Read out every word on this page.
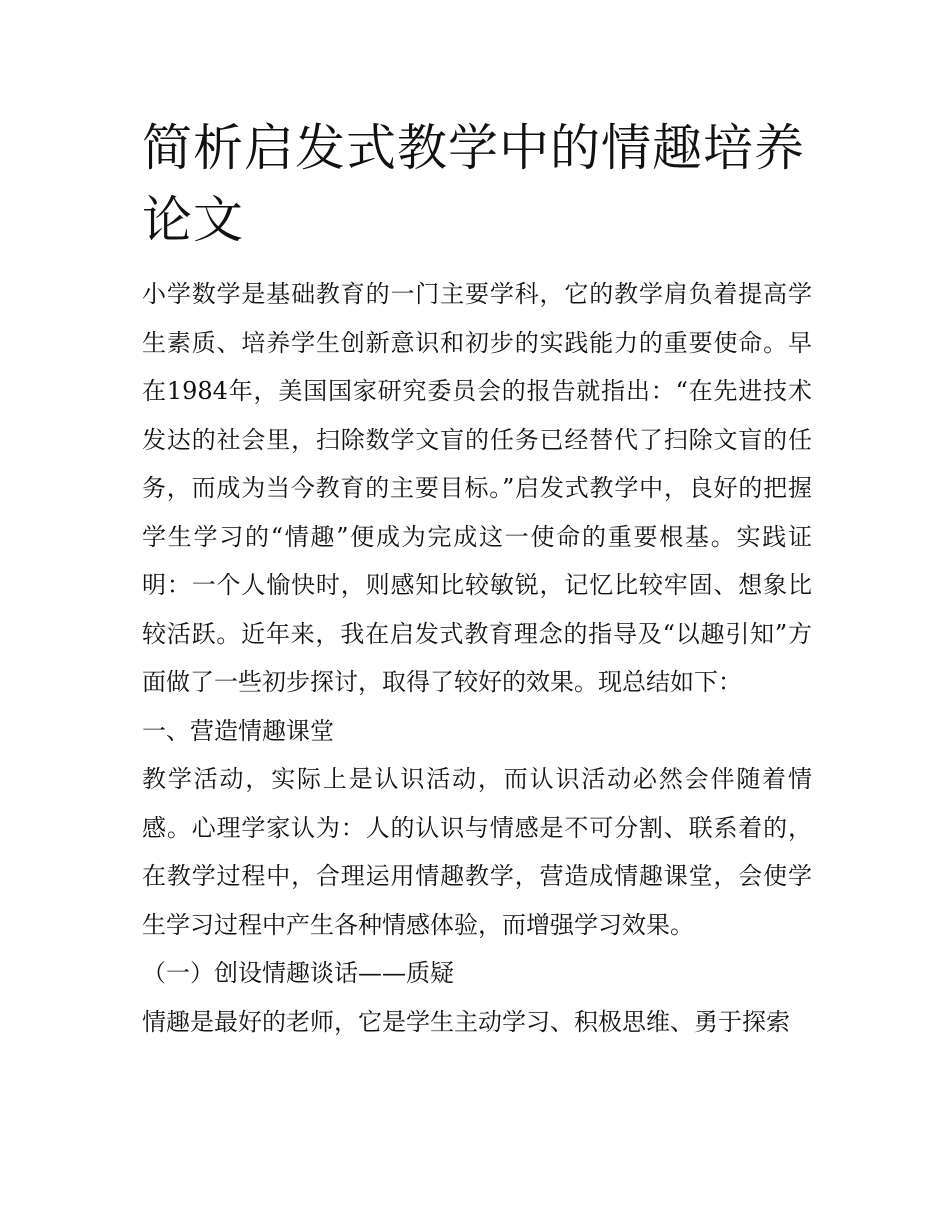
简析启发式教学中的情趣培养论文

小学数学是基础教育的一门主要学科，它的教学肩负着提高学生素质、培养学生创新意识和初步的实践能力的重要使命。早在1984年，美国国家研究委员会的报告就指出：“在先进技术发达的社会里，扫除数学文盲的任务已经替代了扫除文盲的任务，而成为当今教育的主要目标。”启发式教学中，良好的把握学生学习的“情趣”便成为完成这一使命的重要根基。实践证明：一个人愉快时，则感知比较敏锐，记忆比较牢固、想象比较活跃。近年来，我在启发式教育理念的指导及“以趣引知”方面做了一些初步探讨，取得了较好的效果。现总结如下：

一、营造情趣课堂

教学活动，实际上是认识活动，而认识活动必然会伴随着情感。心理学家认为：人的认识与情感是不可分割、联系着的，在教学过程中，合理运用情趣教学，营造成情趣课堂，会使学生学习过程中产生各种情感体验，而增强学习效果。

（一）创设情趣谈话——质疑

情趣是最好的老师，它是学生主动学习、积极思维、勇于探索
